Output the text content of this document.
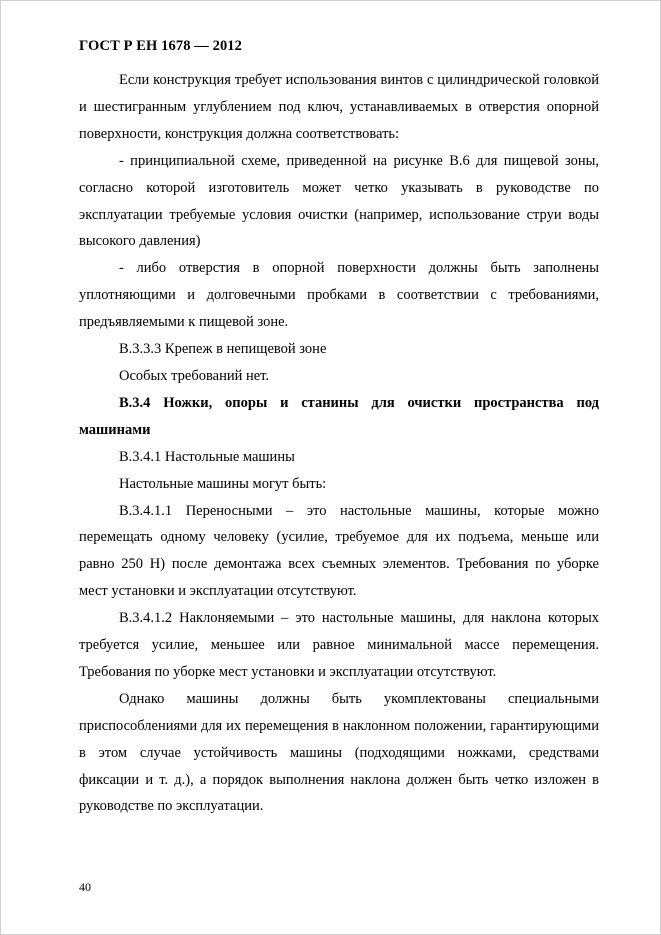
ГОСТ Р ЕН 1678 — 2012

Если конструкция требует использования винтов с цилиндрической головкой и шестигранным углублением под ключ, устанавливаемых в отверстия опорной поверхности, конструкция должна соответствовать:

- принципиальной схеме, приведенной на рисунке В.6 для пищевой зоны, согласно которой изготовитель может четко указывать в руководстве по эксплуатации требуемые условия очистки (например, использование струи воды высокого давления)

- либо отверстия в опорной поверхности должны быть заполнены уплотняющими и долговечными пробками в соответствии с требованиями, предъявляемыми к пищевой зоне.

В.3.3.3 Крепеж в непищевой зоне

Особых требований нет.

В.3.4 Ножки, опоры и станины для очистки пространства под машинами

В.3.4.1 Настольные машины

Настольные машины могут быть:

В.3.4.1.1 Переносными – это настольные машины, которые можно перемещать одному человеку (усилие, требуемое для их подъема, меньше или равно 250 Н) после демонтажа всех съемных элементов. Требования по уборке мест установки и эксплуатации отсутствуют.

В.3.4.1.2 Наклоняемыми – это настольные машины, для наклона которых требуется усилие, меньшее или равное минимальной массе перемещения. Требования по уборке мест установки и эксплуатации отсутствуют.

Однако машины должны быть укомплектованы специальными приспособлениями для их перемещения в наклонном положении, гарантирующими в этом случае устойчивость машины (подходящими ножками, средствами фиксации и т. д.), а порядок выполнения наклона должен быть четко изложен в руководстве по эксплуатации.

40
